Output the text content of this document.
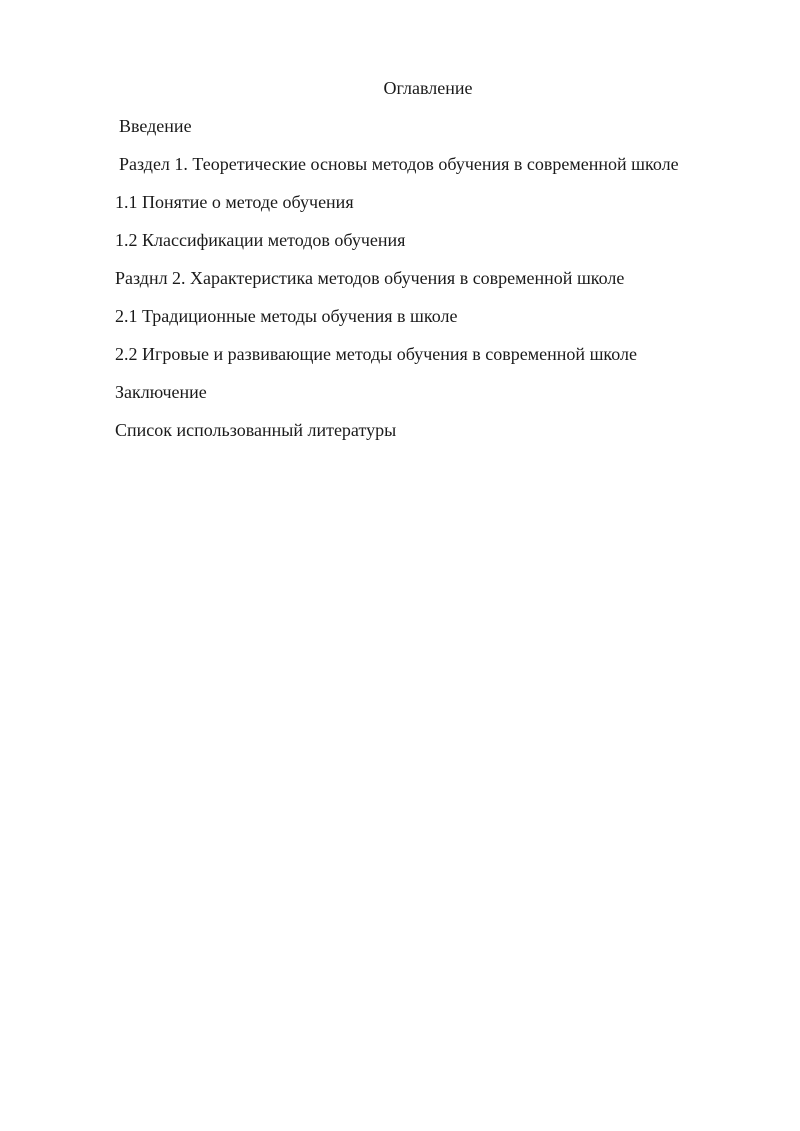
Оглавление
Введение
Раздел 1. Теоретические основы методов обучения в современной школе
1.1 Понятие о методе обучения
1.2 Классификации методов обучения
Разднл 2. Характеристика методов обучения в современной школе
2.1 Традиционные методы обучения в школе
2.2 Игровые и развивающие методы обучения в современной школе
Заключение
Список использованный литературы
